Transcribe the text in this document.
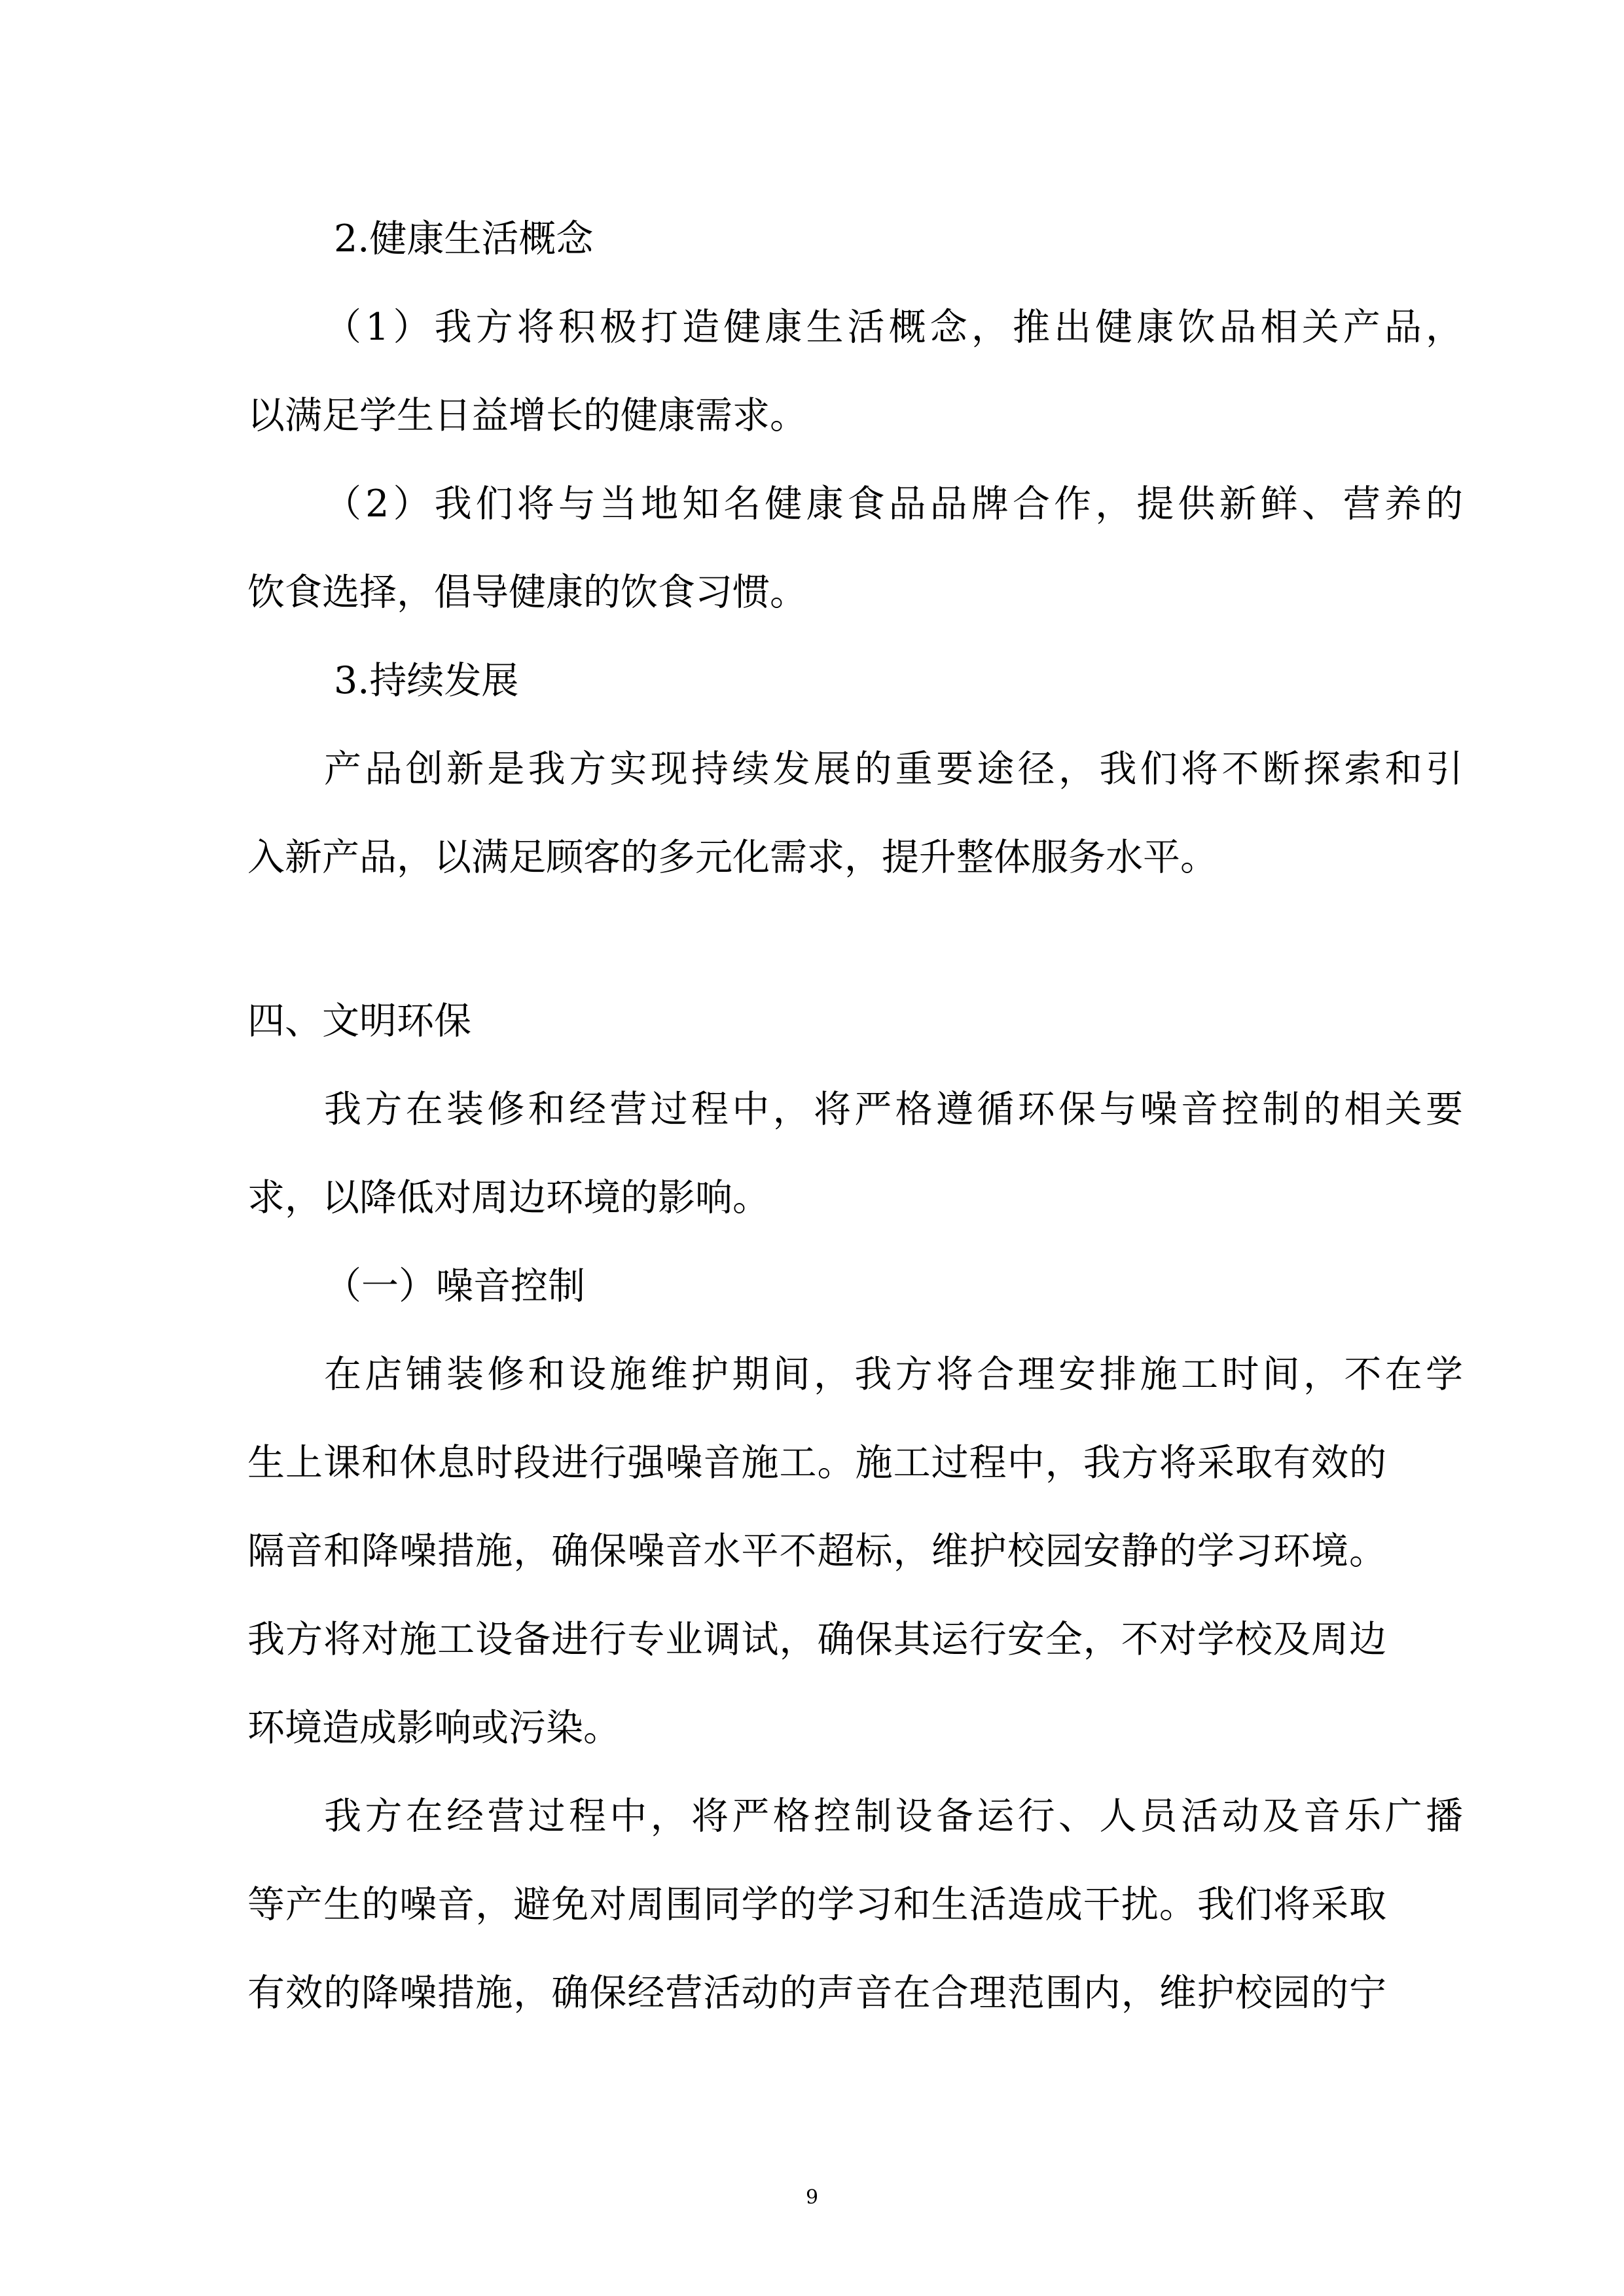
2.健康生活概念
（1）我方将积极打造健康生活概念，推出健康饮品相关产品，
以满足学生日益增长的健康需求。
（2）我们将与当地知名健康食品品牌合作，提供新鲜、营养的
饮食选择，倡导健康的饮食习惯。
3.持续发展
产品创新是我方实现持续发展的重要途径，我们将不断探索和引
入新产品，以满足顾客的多元化需求，提升整体服务水平。
四、文明环保
我方在装修和经营过程中，将严格遵循环保与噪音控制的相关要
求，以降低对周边环境的影响。
（一）噪音控制
在店铺装修和设施维护期间，我方将合理安排施工时间，不在学
生上课和休息时段进行强噪音施工。施工过程中，我方将采取有效的
隔音和降噪措施，确保噪音水平不超标，维护校园安静的学习环境。
我方将对施工设备进行专业调试，确保其运行安全，不对学校及周边
环境造成影响或污染。
我方在经营过程中，将严格控制设备运行、人员活动及音乐广播
等产生的噪音，避免对周围同学的学习和生活造成干扰。我们将采取
有效的降噪措施，确保经营活动的声音在合理范围内，维护校园的宁
9
